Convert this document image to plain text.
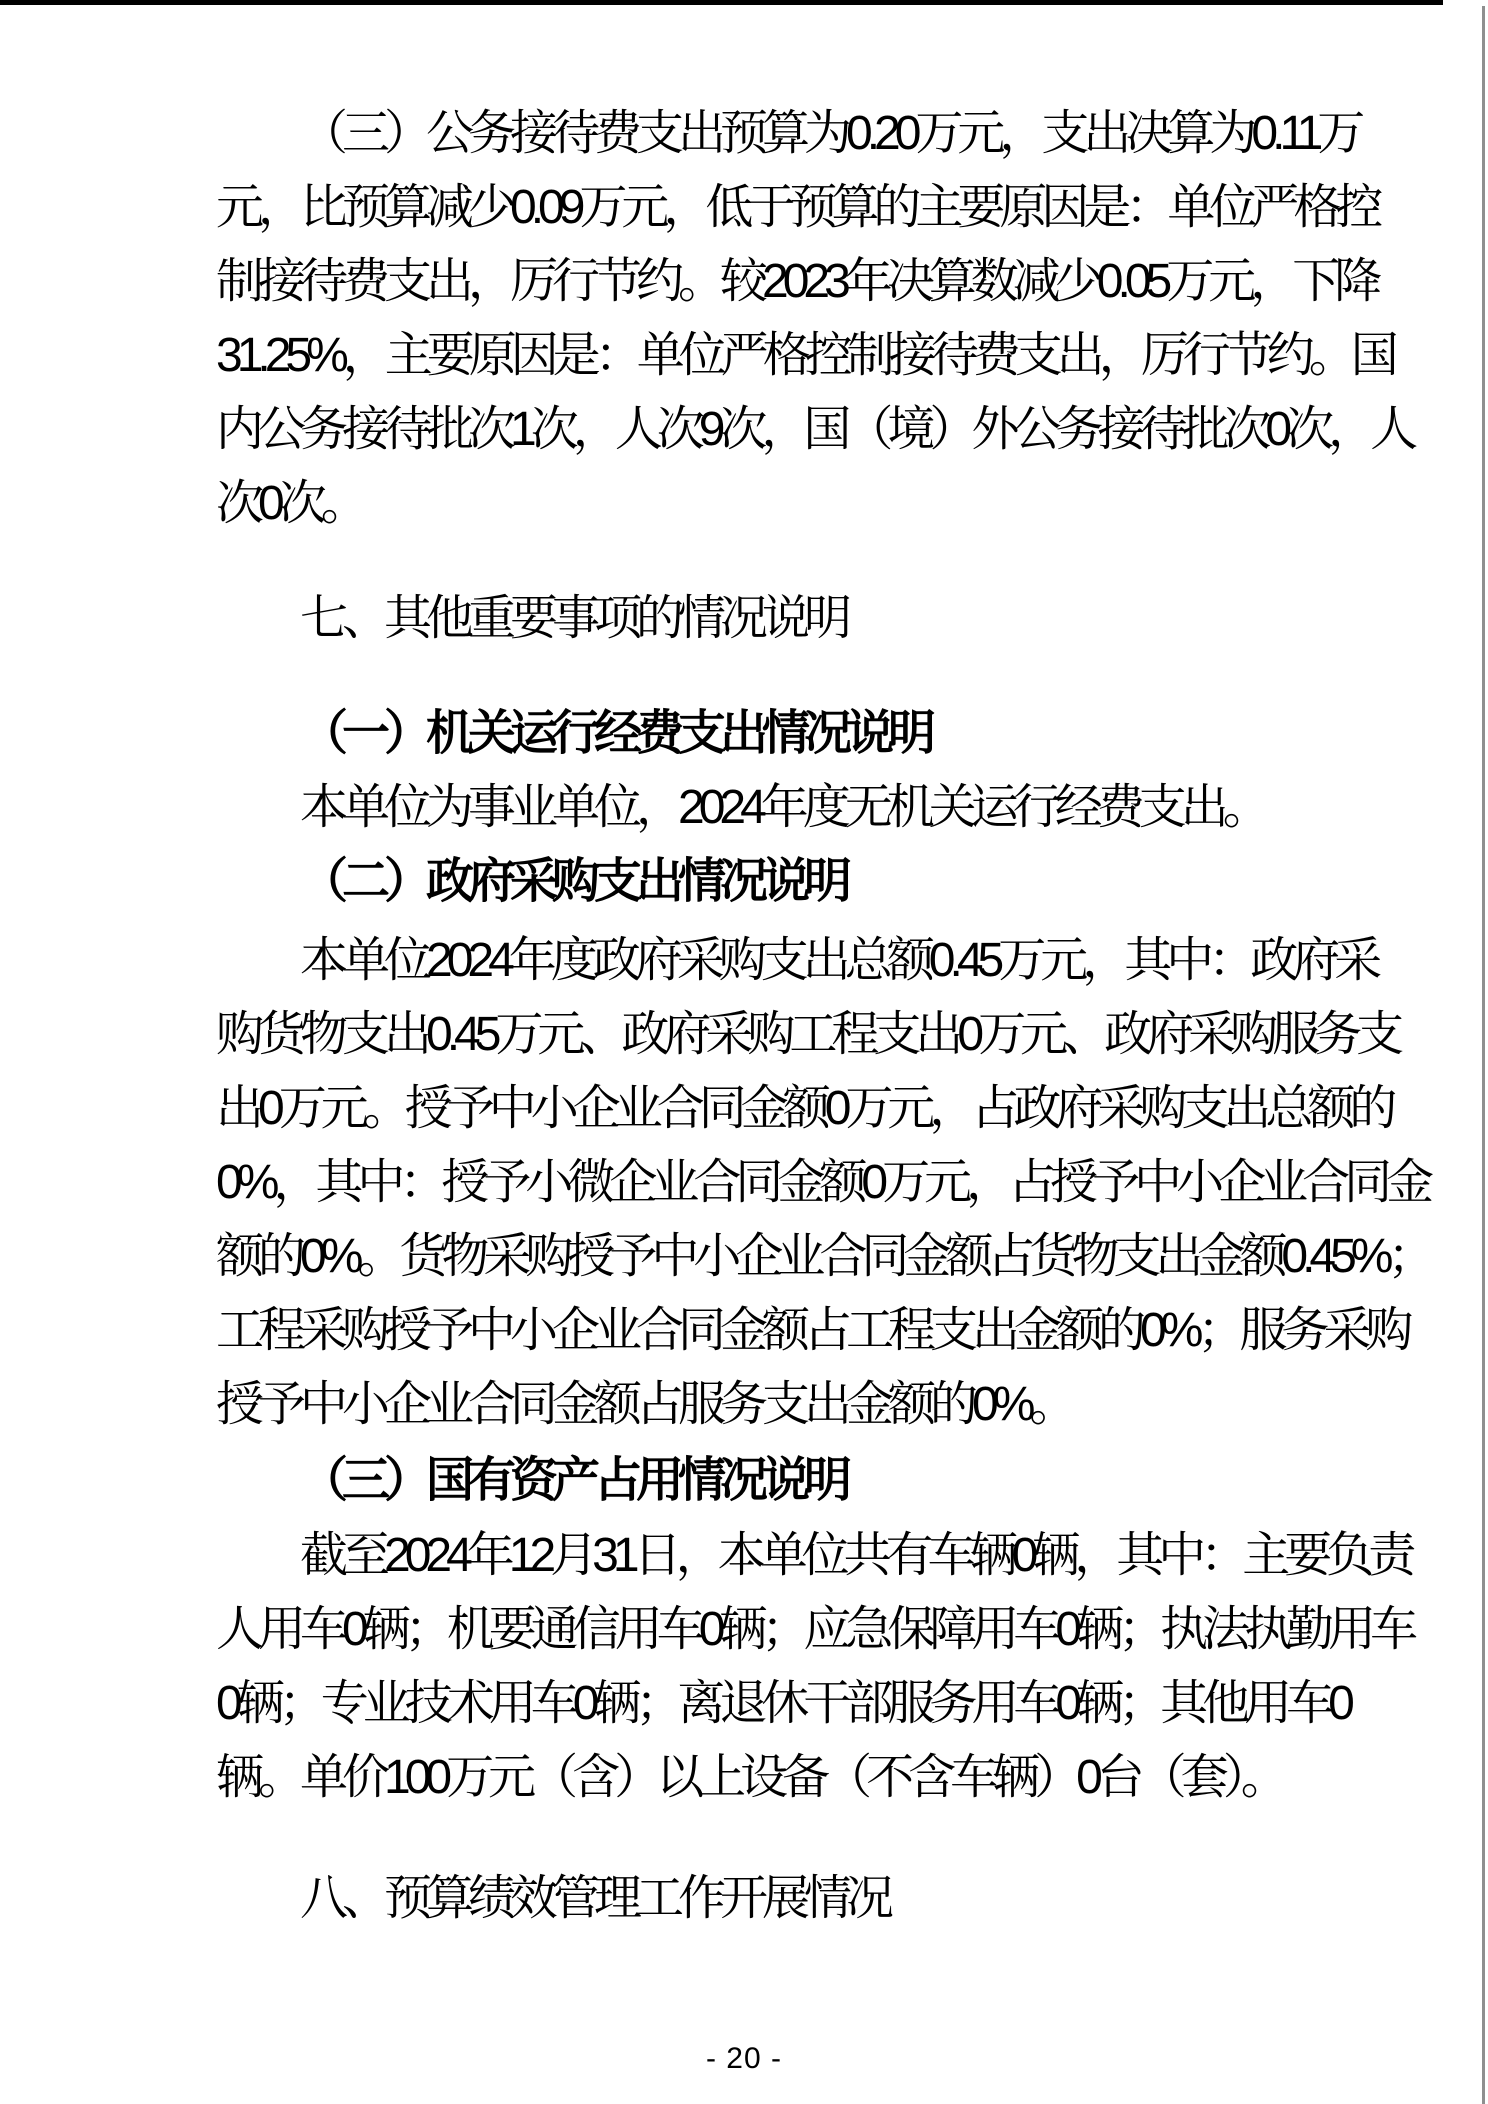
（三）公务接待费支出预算为0.20万元，支出决算为0.11万
元，比预算减少0.09万元，低于预算的主要原因是：单位严格控
制接待费支出，厉行节约。较2023年决算数减少0.05万元，下降
31.25%，主要原因是：单位严格控制接待费支出，厉行节约。国
内公务接待批次1次，人次9次，国（境）外公务接待批次0次，人
次0次。
七、其他重要事项的情况说明
（一）机关运行经费支出情况说明
本单位为事业单位，2024年度无机关运行经费支出。
（二）政府采购支出情况说明
本单位2024年度政府采购支出总额0.45万元，其中：政府采
购货物支出0.45万元、政府采购工程支出0万元、政府采购服务支
出0万元。授予中小企业合同金额0万元，占政府采购支出总额的
0%，其中：授予小微企业合同金额0万元，占授予中小企业合同金
额的0%。货物采购授予中小企业合同金额占货物支出金额0.45%；
工程采购授予中小企业合同金额占工程支出金额的0%；服务采购
授予中小企业合同金额占服务支出金额的0%。
（三）国有资产占用情况说明
截至2024年12月31日，本单位共有车辆0辆，其中：主要负责
人用车0辆；机要通信用车0辆；应急保障用车0辆；执法执勤用车
0辆；专业技术用车0辆；离退休干部服务用车0辆；其他用车0
辆。单价100万元（含）以上设备（不含车辆）0台（套）。
八、预算绩效管理工作开展情况
- 20 -
